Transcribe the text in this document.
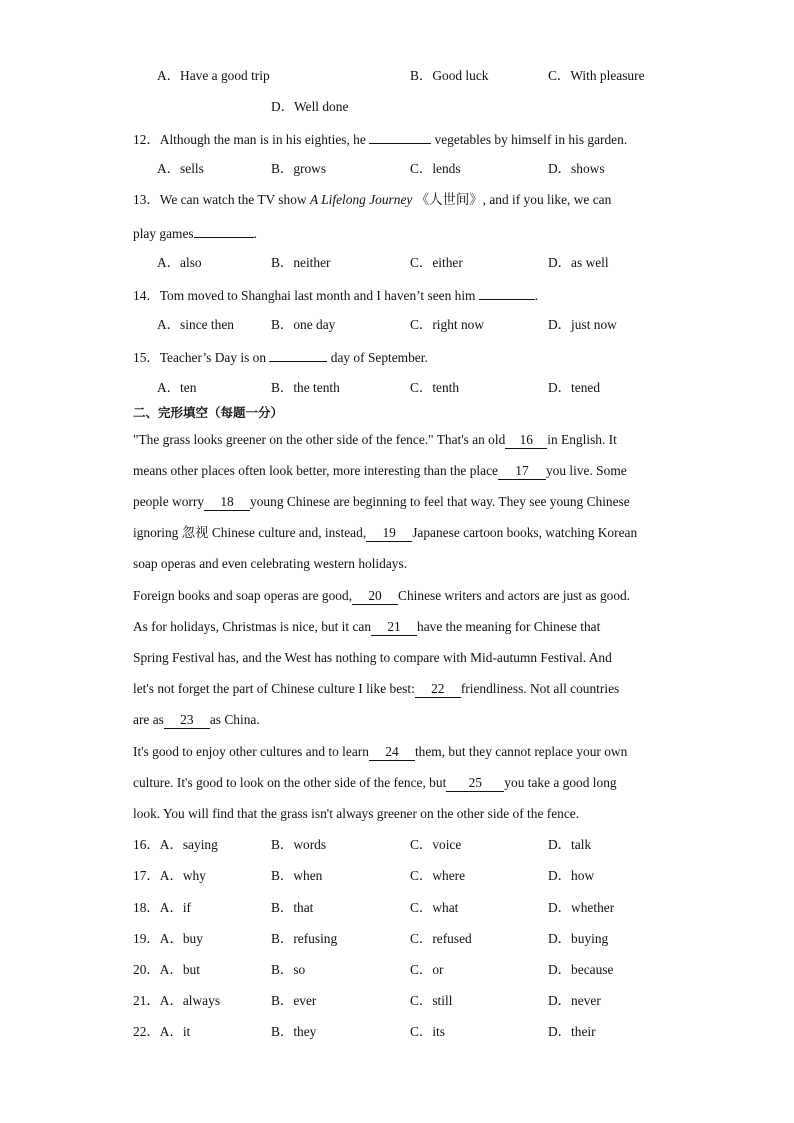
A．Have a good trip	B．Good luck	C．With pleasure
D．Well done
12．Although the man is in his eighties, he	vegetables by himself in his garden.
A．sells	B．grows	C．lends	D．shows
13．We can watch the TV show A Lifelong Journey 《人世间》, and if you like, we can
play games	.
A．also	B．neither	C．either	D．as well
14．Tom moved to Shanghai last month and I haven’t seen him	.
A．since then	B．one day	C．right now	D．just now
15．Teacher’s Day is on	day of September.
A．ten	B．the tenth	C．tenth	D．tened
二、完形填空（每题一分）
"The grass looks greener on the other side of the fence." That's an old 16 in English. It
means other places often look better, more interesting than the place 17 you live. Some
people worry 18 young Chinese are beginning to feel that way. They see young Chinese
ignoring 忽视 Chinese culture and, instead, 19 Japanese cartoon books, watching Korean
soap operas and even celebrating western holidays.
Foreign books and soap operas are good, 20 Chinese writers and actors are just as good.
As for holidays, Christmas is nice, but it can 21 have the meaning for Chinese that
Spring Festival has, and the West has nothing to compare with Mid-autumn Festival. And
let's not forget the part of Chinese culture I like best: 22 friendliness. Not all countries
are as 23 as China.
It's good to enjoy other cultures and to learn 24 them, but they cannot replace your own
culture. It's good to look on the other side of the fence, but 25 you take a good long
look. You will find that the grass isn't always greener on the other side of the fence.
16．A．saying	B．words	C．voice	D．talk
17．A．why	B．when	C．where	D．how
18．A．if	B．that	C．what	D．whether
19．A．buy	B．refusing	C．refused	D．buying
20．A．but	B．so	C．or	D．because
21．A．always	B．ever	C．still	D．never
22．A．it	B．they	C．its	D．their
